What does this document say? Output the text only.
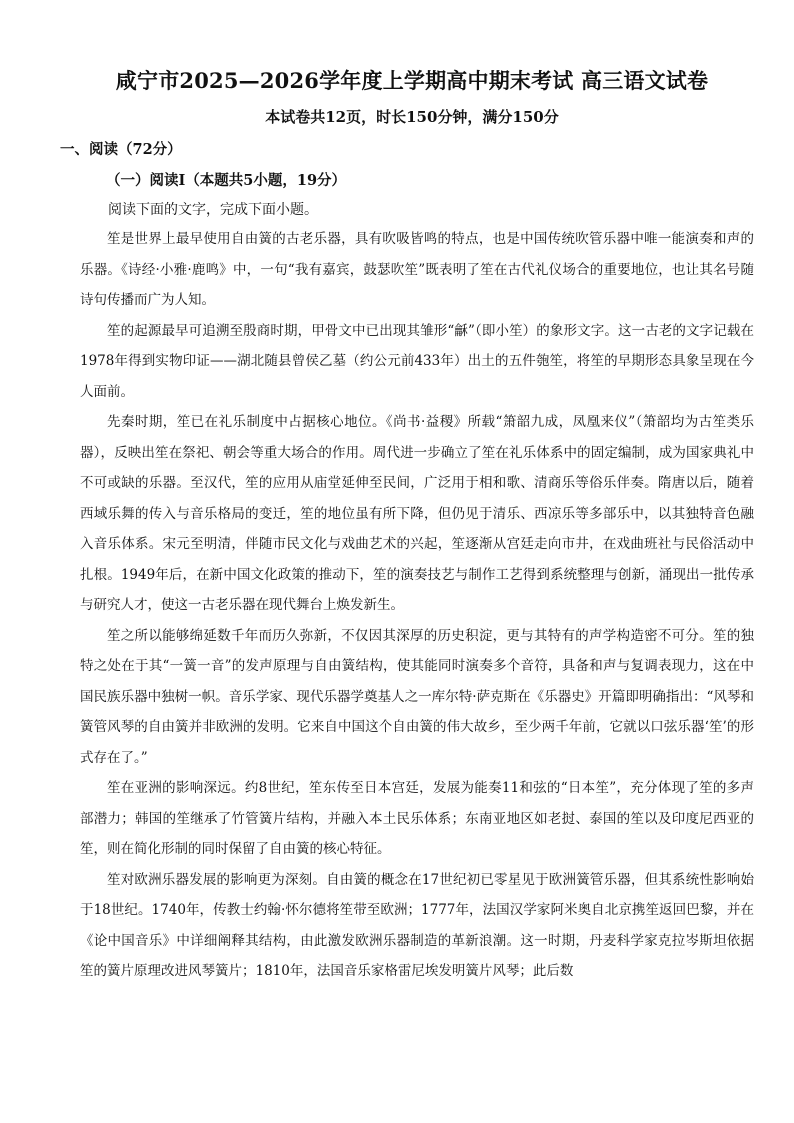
咸宁市2025—2026学年度上学期高中期末考试 高三语文试卷
本试卷共12页，时长150分钟，满分150分
一、阅读（72分）
（一）阅读Ⅰ（本题共5小题，19分）

阅读下面的文字，完成下面小题。

笙是世界上最早使用自由簧的古老乐器，具有吹吸皆鸣的特点，也是中国传统吹管乐器中唯一能演奏和声的乐器。《诗经·小雅·鹿鸣》中，一句“我有嘉宾，鼓瑟吹笙”既表明了笙在古代礼仪场合的重要地位，也让其名号随诗句传播而广为人知。

笙的起源最早可追溯至殷商时期，甲骨文中已出现其雏形“龢”（即小笙）的象形文字。这一古老的文字记载在1978年得到实物印证——湖北随县曾侯乙墓（约公元前433年）出土的五件匏笙，将笙的早期形态具象呈现在今人面前。

先秦时期，笙已在礼乐制度中占据核心地位。《尚书·益稷》所载“箫韶九成，凤凰来仪”（箫韶均为古笙类乐器），反映出笙在祭祀、朝会等重大场合的作用。周代进一步确立了笙在礼乐体系中的固定编制，成为国家典礼中不可或缺的乐器。至汉代，笙的应用从庙堂延伸至民间，广泛用于相和歌、清商乐等俗乐伴奏。隋唐以后，随着西域乐舞的传入与音乐格局的变迁，笙的地位虽有所下降，但仍见于清乐、西凉乐等多部乐中，以其独特音色融入音乐体系。宋元至明清，伴随市民文化与戏曲艺术的兴起，笙逐渐从宫廷走向市井，在戏曲班社与民俗活动中扎根。1949年后，在新中国文化政策的推动下，笙的演奏技艺与制作工艺得到系统整理与创新，涌现出一批传承与研究人才，使这一古老乐器在现代舞台上焕发新生。

笙之所以能够绵延数千年而历久弥新，不仅因其深厚的历史积淀，更与其特有的声学构造密不可分。笙的独特之处在于其“一簧一音”的发声原理与自由簧结构，使其能同时演奏多个音符，具备和声与复调表现力，这在中国民族乐器中独树一帜。音乐学家、现代乐器学奠基人之一库尔特·萨克斯在《乐器史》开篇即明确指出：“风琴和簧管风琴的自由簧并非欧洲的发明。它来自中国这个自由簧的伟大故乡，至少两千年前，它就以口弦乐器‘笙’的形式存在了。”

笙在亚洲的影响深远。约8世纪，笙东传至日本宫廷，发展为能奏11和弦的“日本笙”，充分体现了笙的多声部潜力；韩国的笙继承了竹管簧片结构，并融入本土民乐体系；东南亚地区如老挝、泰国的笙以及印度尼西亚的笙，则在简化形制的同时保留了自由簧的核心特征。

笙对欧洲乐器发展的影响更为深刻。自由簧的概念在17世纪初已零星见于欧洲簧管乐器，但其系统性影响始于18世纪。1740年，传教士约翰·怀尔德将笙带至欧洲；1777年，法国汉学家阿米奥自北京携笙返回巴黎，并在《论中国音乐》中详细阐释其结构，由此激发欧洲乐器制造的革新浪潮。这一时期，丹麦科学家克拉岑斯坦依据笙的簧片原理改进风琴簧片；1810年，法国音乐家格雷尼埃发明簧片风琴；此后数
